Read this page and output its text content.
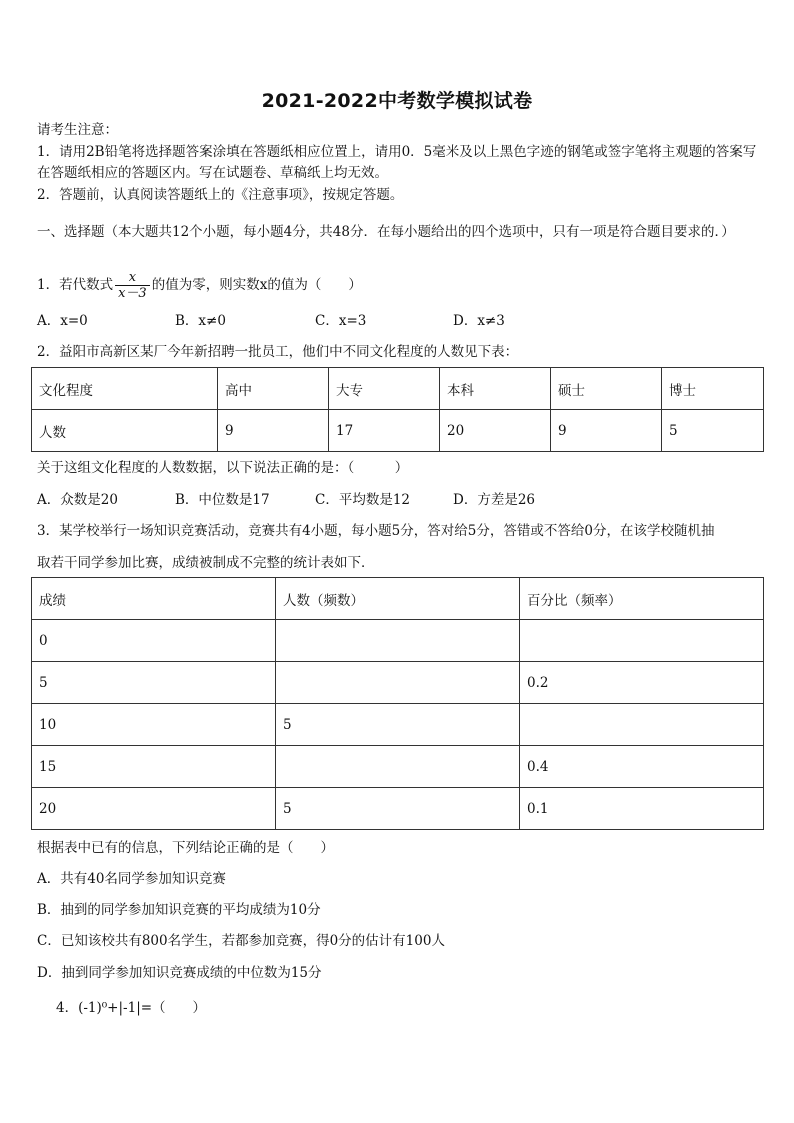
2021-2022中考数学模拟试卷
请考生注意：
1．请用2B铅笔将选择题答案涂填在答题纸相应位置上，请用0．5毫米及以上黑色字迹的钢笔或签字笔将主观题的答案写在答题纸相应的答题区内。写在试题卷、草稿纸上均无效。
2．答题前，认真阅读答题纸上的《注意事项》，按规定答题。
一、选择题（本大题共12个小题，每小题4分，共48分．在每小题给出的四个选项中，只有一项是符合题目要求的．）
1．若代数式 $\frac{x}{x-3}$ 的值为零，则实数x的值为（　　）
A．x=0	B．x≠0	C．x=3	D．x≠3
2．益阳市高新区某厂今年新招聘一批员工，他们中不同文化程度的人数见下表：
文化程度	高中	大专	本科	硕士	博士
人数	9	17	20	9	5
关于这组文化程度的人数数据，以下说法正确的是：（　　　）
A．众数是20	B．中位数是17	C．平均数是12	D．方差是26
3．某学校举行一场知识竞赛活动，竞赛共有4小题，每小题5分，答对给5分，答错或不答给0分，在该学校随机抽
取若干同学参加比赛，成绩被制成不完整的统计表如下．
成绩	人数（频数）	百分比（频率）
0		
5		0.2
10	5	
15		0.4
20	5	0.1
根据表中已有的信息，下列结论正确的是（　　）
A．共有40名同学参加知识竞赛
B．抽到的同学参加知识竞赛的平均成绩为10分
C．已知该校共有800名学生，若都参加竞赛，得0分的估计有100人
D．抽到同学参加知识竞赛成绩的中位数为15分
4．(-1)⁰+|-1|=（　　）
